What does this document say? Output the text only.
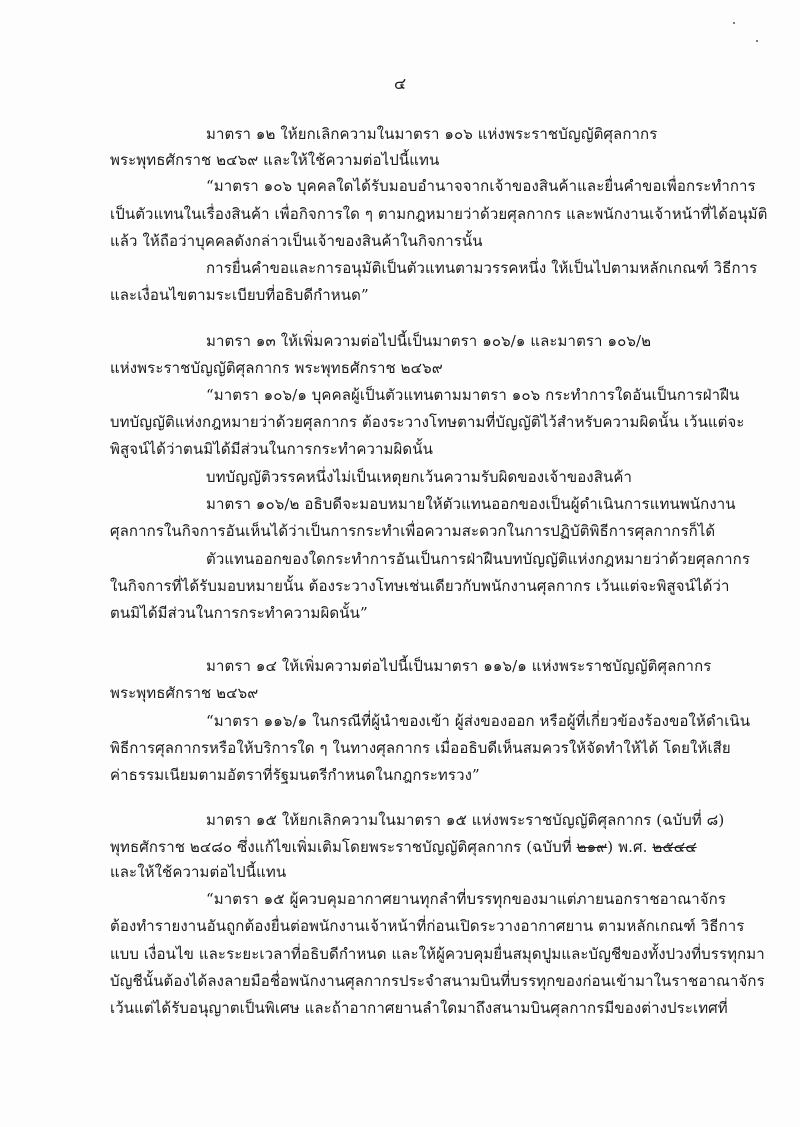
๔
มาตรา ๑๒ ให้ยกเลิกความในมาตรา ๑๐๖ แห่งพระราชบัญญัติศุลกากร
พระพุทธศักราช ๒๔๖๙ และให้ใช้ความต่อไปนี้แทน
“มาตรา ๑๐๖ บุคคลใดได้รับมอบอำนาจจากเจ้าของสินค้าและยื่นคำขอเพื่อกระทำการ
เป็นตัวแทนในเรื่องสินค้า เพื่อกิจการใด ๆ ตามกฎหมายว่าด้วยศุลกากร และพนักงานเจ้าหน้าที่ได้อนุมัติ
แล้ว ให้ถือว่าบุคคลดังกล่าวเป็นเจ้าของสินค้าในกิจการนั้น
การยื่นคำขอและการอนุมัติเป็นตัวแทนตามวรรคหนึ่ง ให้เป็นไปตามหลักเกณฑ์ วิธีการ
และเงื่อนไขตามระเบียบที่อธิบดีกำหนด”
มาตรา ๑๓ ให้เพิ่มความต่อไปนี้เป็นมาตรา ๑๐๖/๑ และมาตรา ๑๐๖/๒
แห่งพระราชบัญญัติศุลกากร พระพุทธศักราช ๒๔๖๙
“มาตรา ๑๐๖/๑ บุคคลผู้เป็นตัวแทนตามมาตรา ๑๐๖ กระทำการใดอันเป็นการฝ่าฝืน
บทบัญญัติแห่งกฎหมายว่าด้วยศุลกากร ต้องระวางโทษตามที่บัญญัติไว้สำหรับความผิดนั้น เว้นแต่จะ
พิสูจน์ได้ว่าตนมิได้มีส่วนในการกระทำความผิดนั้น
บทบัญญัติวรรคหนึ่งไม่เป็นเหตุยกเว้นความรับผิดของเจ้าของสินค้า
มาตรา ๑๐๖/๒ อธิบดีจะมอบหมายให้ตัวแทนออกของเป็นผู้ดำเนินการแทนพนักงาน
ศุลกากรในกิจการอันเห็นได้ว่าเป็นการกระทำเพื่อความสะดวกในการปฏิบัติพิธีการศุลกากรก็ได้
ตัวแทนออกของใดกระทำการอันเป็นการฝ่าฝืนบทบัญญัติแห่งกฎหมายว่าด้วยศุลกากร
ในกิจการที่ได้รับมอบหมายนั้น ต้องระวางโทษเช่นเดียวกับพนักงานศุลกากร เว้นแต่จะพิสูจน์ได้ว่า
ตนมิได้มีส่วนในการกระทำความผิดนั้น”
มาตรา ๑๔ ให้เพิ่มความต่อไปนี้เป็นมาตรา ๑๑๖/๑ แห่งพระราชบัญญัติศุลกากร
พระพุทธศักราช ๒๔๖๙
“มาตรา ๑๑๖/๑ ในกรณีที่ผู้นำของเข้า ผู้ส่งของออก หรือผู้ที่เกี่ยวข้องร้องขอให้ดำเนิน
พิธีการศุลกากรหรือให้บริการใด ๆ ในทางศุลกากร เมื่ออธิบดีเห็นสมควรให้จัดทำให้ได้ โดยให้เสีย
ค่าธรรมเนียมตามอัตราที่รัฐมนตรีกำหนดในกฎกระทรวง”
มาตรา ๑๕ ให้ยกเลิกความในมาตรา ๑๕ แห่งพระราชบัญญัติศุลกากร (ฉบับที่ ๘)
พุทธศักราช ๒๔๘๐ ซึ่งแก้ไขเพิ่มเติมโดยพระราชบัญญัติศุลกากร (ฉบับที่ ๒๑๙) พ.ศ. ๒๕๔๔
และให้ใช้ความต่อไปนี้แทน
“มาตรา ๑๕ ผู้ควบคุมอากาศยานทุกลำที่บรรทุกของมาแต่ภายนอกราชอาณาจักร
ต้องทำรายงานอันถูกต้องยื่นต่อพนักงานเจ้าหน้าที่ก่อนเปิดระวางอากาศยาน ตามหลักเกณฑ์ วิธีการ
แบบ เงื่อนไข และระยะเวลาที่อธิบดีกำหนด และให้ผู้ควบคุมยื่นสมุดปูมและบัญชีของทั้งปวงที่บรรทุกมา
บัญชีนั้นต้องได้ลงลายมือชื่อพนักงานศุลกากรประจำสนามบินที่บรรทุกของก่อนเข้ามาในราชอาณาจักร
เว้นแต่ได้รับอนุญาตเป็นพิเศษ และถ้าอากาศยานลำใดมาถึงสนามบินศุลกากรมีของต่างประเทศที่
